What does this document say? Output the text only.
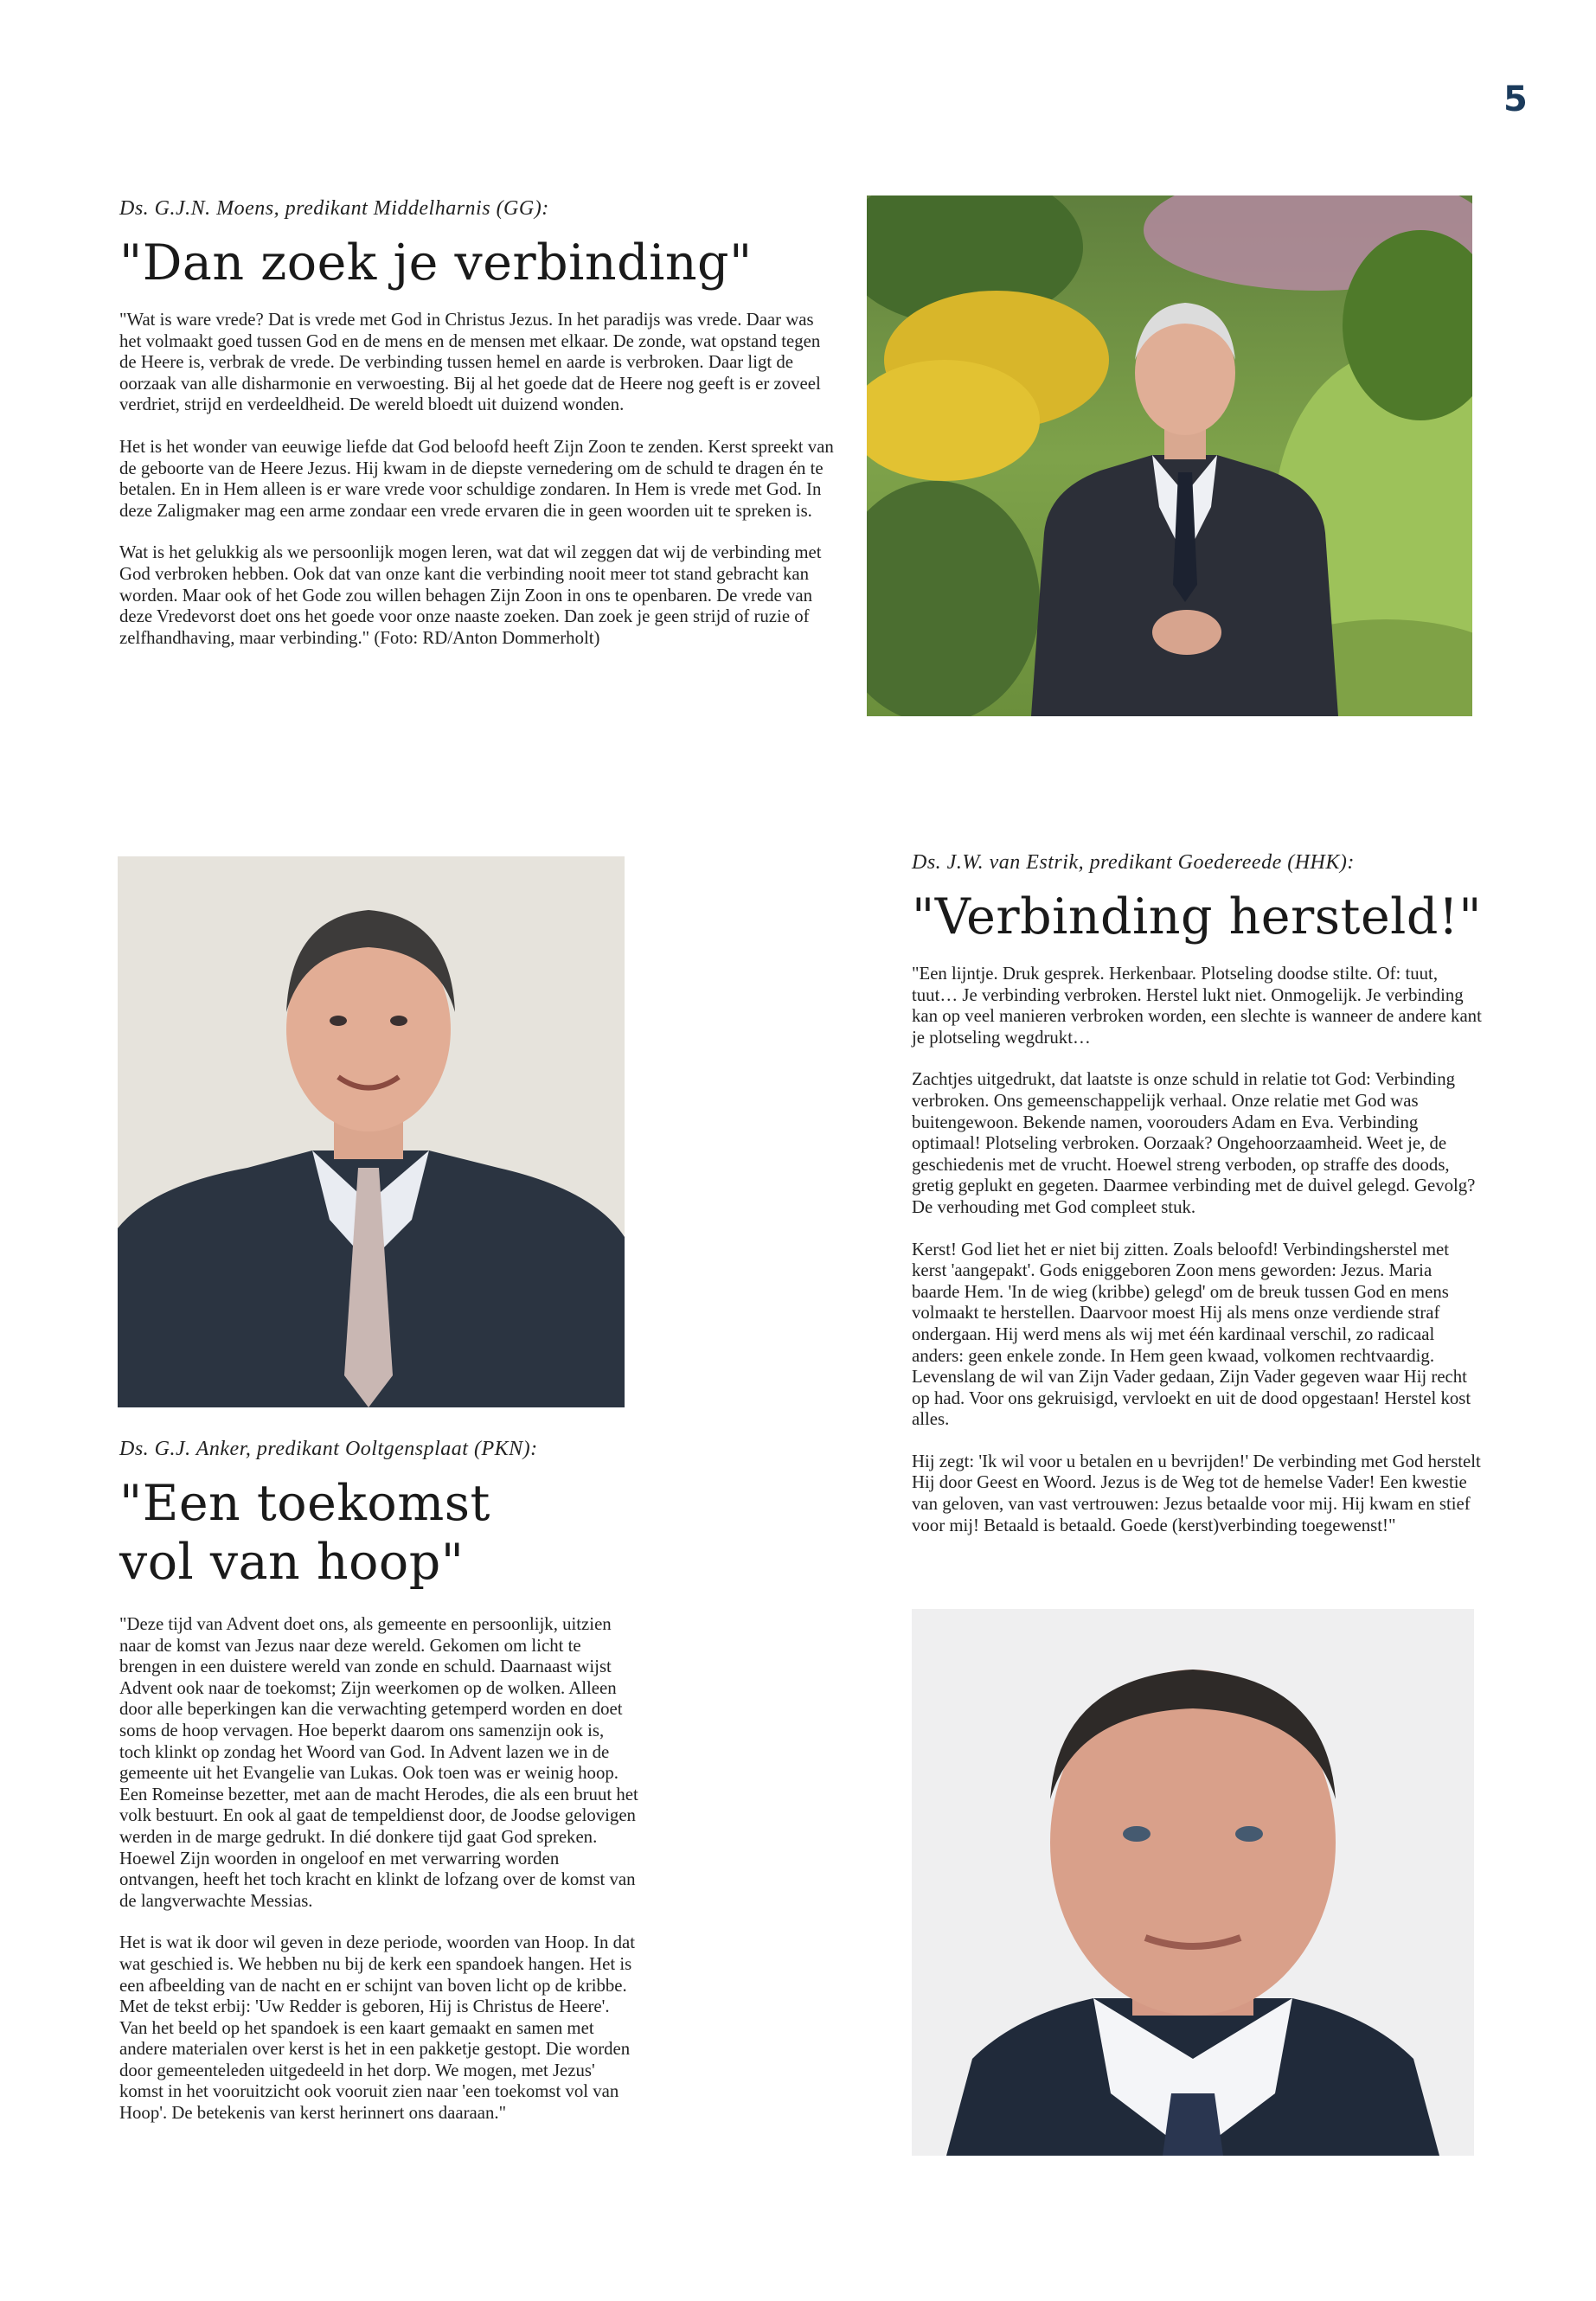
5
Ds. G.J.N. Moens, predikant Middelharnis (GG):
"Dan zoek je verbinding"

"Wat is ware vrede? Dat is vrede met God in Christus Jezus. In het paradijs was vrede. Daar was het volmaakt goed tussen God en de mens en de mensen met elkaar. De zonde, wat opstand tegen de Heere is, verbrak de vrede. De verbinding tussen hemel en aarde is verbroken. Daar ligt de oorzaak van alle disharmonie en verwoesting. Bij al het goede dat de Heere nog geeft is er zoveel verdriet, strijd en verdeeldheid. De wereld bloedt uit duizend wonden.

Het is het wonder van eeuwige liefde dat God beloofd heeft Zijn Zoon te zenden. Kerst spreekt van de geboorte van de Heere Jezus. Hij kwam in de diepste vernedering om de schuld te dragen én te betalen. En in Hem alleen is er ware vrede voor schuldige zondaren. In Hem is vrede met God. In deze Zaligmaker mag een arme zondaar een vrede ervaren die in geen woorden uit te spreken is.

Wat is het gelukkig als we persoonlijk mogen leren, wat dat wil zeggen dat wij de verbinding met God verbroken hebben. Ook dat van onze kant die verbinding nooit meer tot stand gebracht kan worden. Maar ook of het Gode zou willen behagen Zijn Zoon in ons te openbaren. De vrede van deze Vredevorst doet ons het goede voor onze naaste zoeken. Dan zoek je geen strijd of ruzie of zelfhandhaving, maar verbinding." (Foto: RD/Anton Dommerholt)

Ds. G.J. Anker, predikant Ooltgensplaat (PKN):
"Een toekomst
vol van hoop"

"Deze tijd van Advent doet ons, als gemeente en persoonlijk, uitzien naar de komst van Jezus naar deze wereld. Gekomen om licht te brengen in een duistere wereld van zonde en schuld. Daarnaast wijst Advent ook naar de toekomst; Zijn weerkomen op de wolken. Alleen door alle beperkingen kan die verwachting getemperd worden en doet soms de hoop vervagen. Hoe beperkt daarom ons samenzijn ook is, toch klinkt op zondag het Woord van God. In Advent lazen we in de gemeente uit het Evangelie van Lukas. Ook toen was er weinig hoop. Een Romeinse bezetter, met aan de macht Herodes, die als een bruut het volk bestuurt. En ook al gaat de tempeldienst door, de Joodse gelovigen werden in de marge gedrukt. In dié donkere tijd gaat God spreken. Hoewel Zijn woorden in ongeloof en met verwarring worden ontvangen, heeft het toch kracht en klinkt de lofzang over de komst van de langverwachte Messias.

Het is wat ik door wil geven in deze periode, woorden van Hoop. In dat wat geschied is. We hebben nu bij de kerk een spandoek hangen. Het is een afbeelding van de nacht en er schijnt van boven licht op de kribbe. Met de tekst erbij: 'Uw Redder is geboren, Hij is Christus de Heere'. Van het beeld op het spandoek is een kaart gemaakt en samen met andere materialen over kerst is het in een pakketje gestopt. Die worden door gemeenteleden uitgedeeld in het dorp. We mogen, met Jezus' komst in het vooruitzicht ook vooruit zien naar 'een toekomst vol van Hoop'. De betekenis van kerst herinnert ons daaraan."

Ds. J.W. van Estrik, predikant Goedereede (HHK):
"Verbinding hersteld!"

"Een lijntje. Druk gesprek. Herkenbaar. Plotseling doodse stilte. Of: tuut, tuut… Je verbinding verbroken. Herstel lukt niet. Onmogelijk. Je verbinding kan op veel manieren verbroken worden, een slechte is wanneer de andere kant je plotseling wegdrukt…

Zachtjes uitgedrukt, dat laatste is onze schuld in relatie tot God: Verbinding verbroken. Ons gemeenschappelijk verhaal. Onze relatie met God was buitengewoon. Bekende namen, voorouders Adam en Eva. Verbinding optimaal! Plotseling verbroken. Oorzaak? Ongehoorzaamheid. Weet je, de geschiedenis met de vrucht. Hoewel streng verboden, op straffe des doods, gretig geplukt en gegeten. Daarmee verbinding met de duivel gelegd. Gevolg? De verhouding met God compleet stuk.

Kerst! God liet het er niet bij zitten. Zoals beloofd! Verbindingsherstel met kerst 'aangepakt'. Gods eniggeboren Zoon mens geworden: Jezus. Maria baarde Hem. 'In de wieg (kribbe) gelegd' om de breuk tussen God en mens volmaakt te herstellen. Daarvoor moest Hij als mens onze verdiende straf ondergaan. Hij werd mens als wij met één kardinaal verschil, zo radicaal anders: geen enkele zonde. In Hem geen kwaad, volkomen rechtvaardig. Levenslang de wil van Zijn Vader gedaan, Zijn Vader gegeven waar Hij recht op had. Voor ons gekruisigd, vervloekt en uit de dood opgestaan! Herstel kost alles.

Hij zegt: 'Ik wil voor u betalen en u bevrijden!' De verbinding met God herstelt Hij door Geest en Woord. Jezus is de Weg tot de hemelse Vader! Een kwestie van geloven, van vast vertrouwen: Jezus betaalde voor mij. Hij kwam en stief voor mij! Betaald is betaald. Goede (kerst)verbinding toegewenst!"
